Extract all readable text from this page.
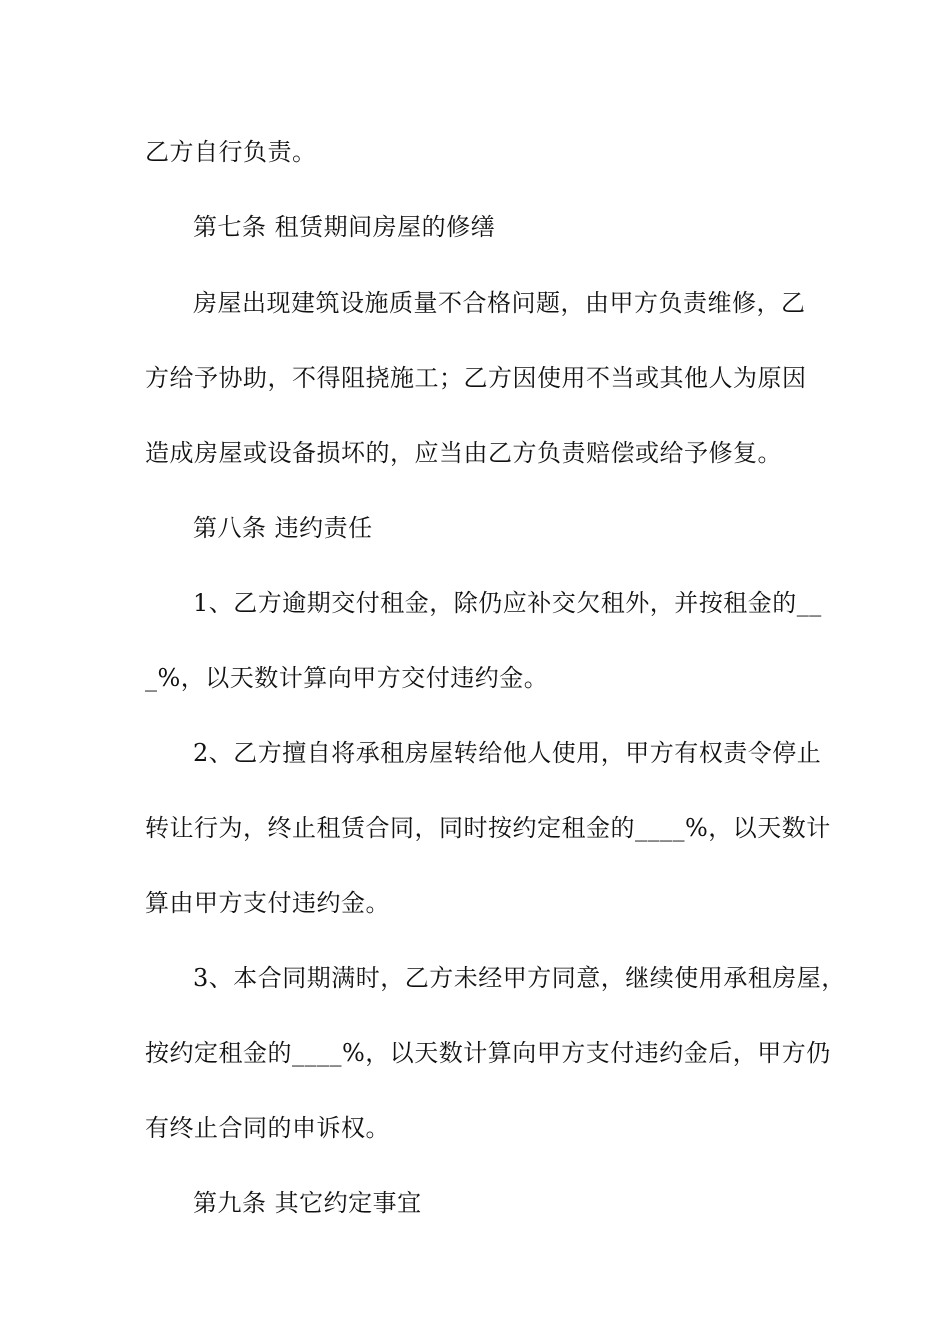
乙方自行负责。
第七条 租赁期间房屋的修缮
房屋出现建筑设施质量不合格问题，由甲方负责维修，乙
方给予协助，不得阻挠施工；乙方因使用不当或其他人为原因
造成房屋或设备损坏的，应当由乙方负责赔偿或给予修复。
第八条 违约责任
1、乙方逾期交付租金，除仍应补交欠租外，并按租金的__
_%，以天数计算向甲方交付违约金。
2、乙方擅自将承租房屋转给他人使用，甲方有权责令停止
转让行为，终止租赁合同，同时按约定租金的____%，以天数计
算由甲方支付违约金。
3、本合同期满时，乙方未经甲方同意，继续使用承租房屋，
按约定租金的____%，以天数计算向甲方支付违约金后，甲方仍
有终止合同的申诉权。
第九条 其它约定事宜
